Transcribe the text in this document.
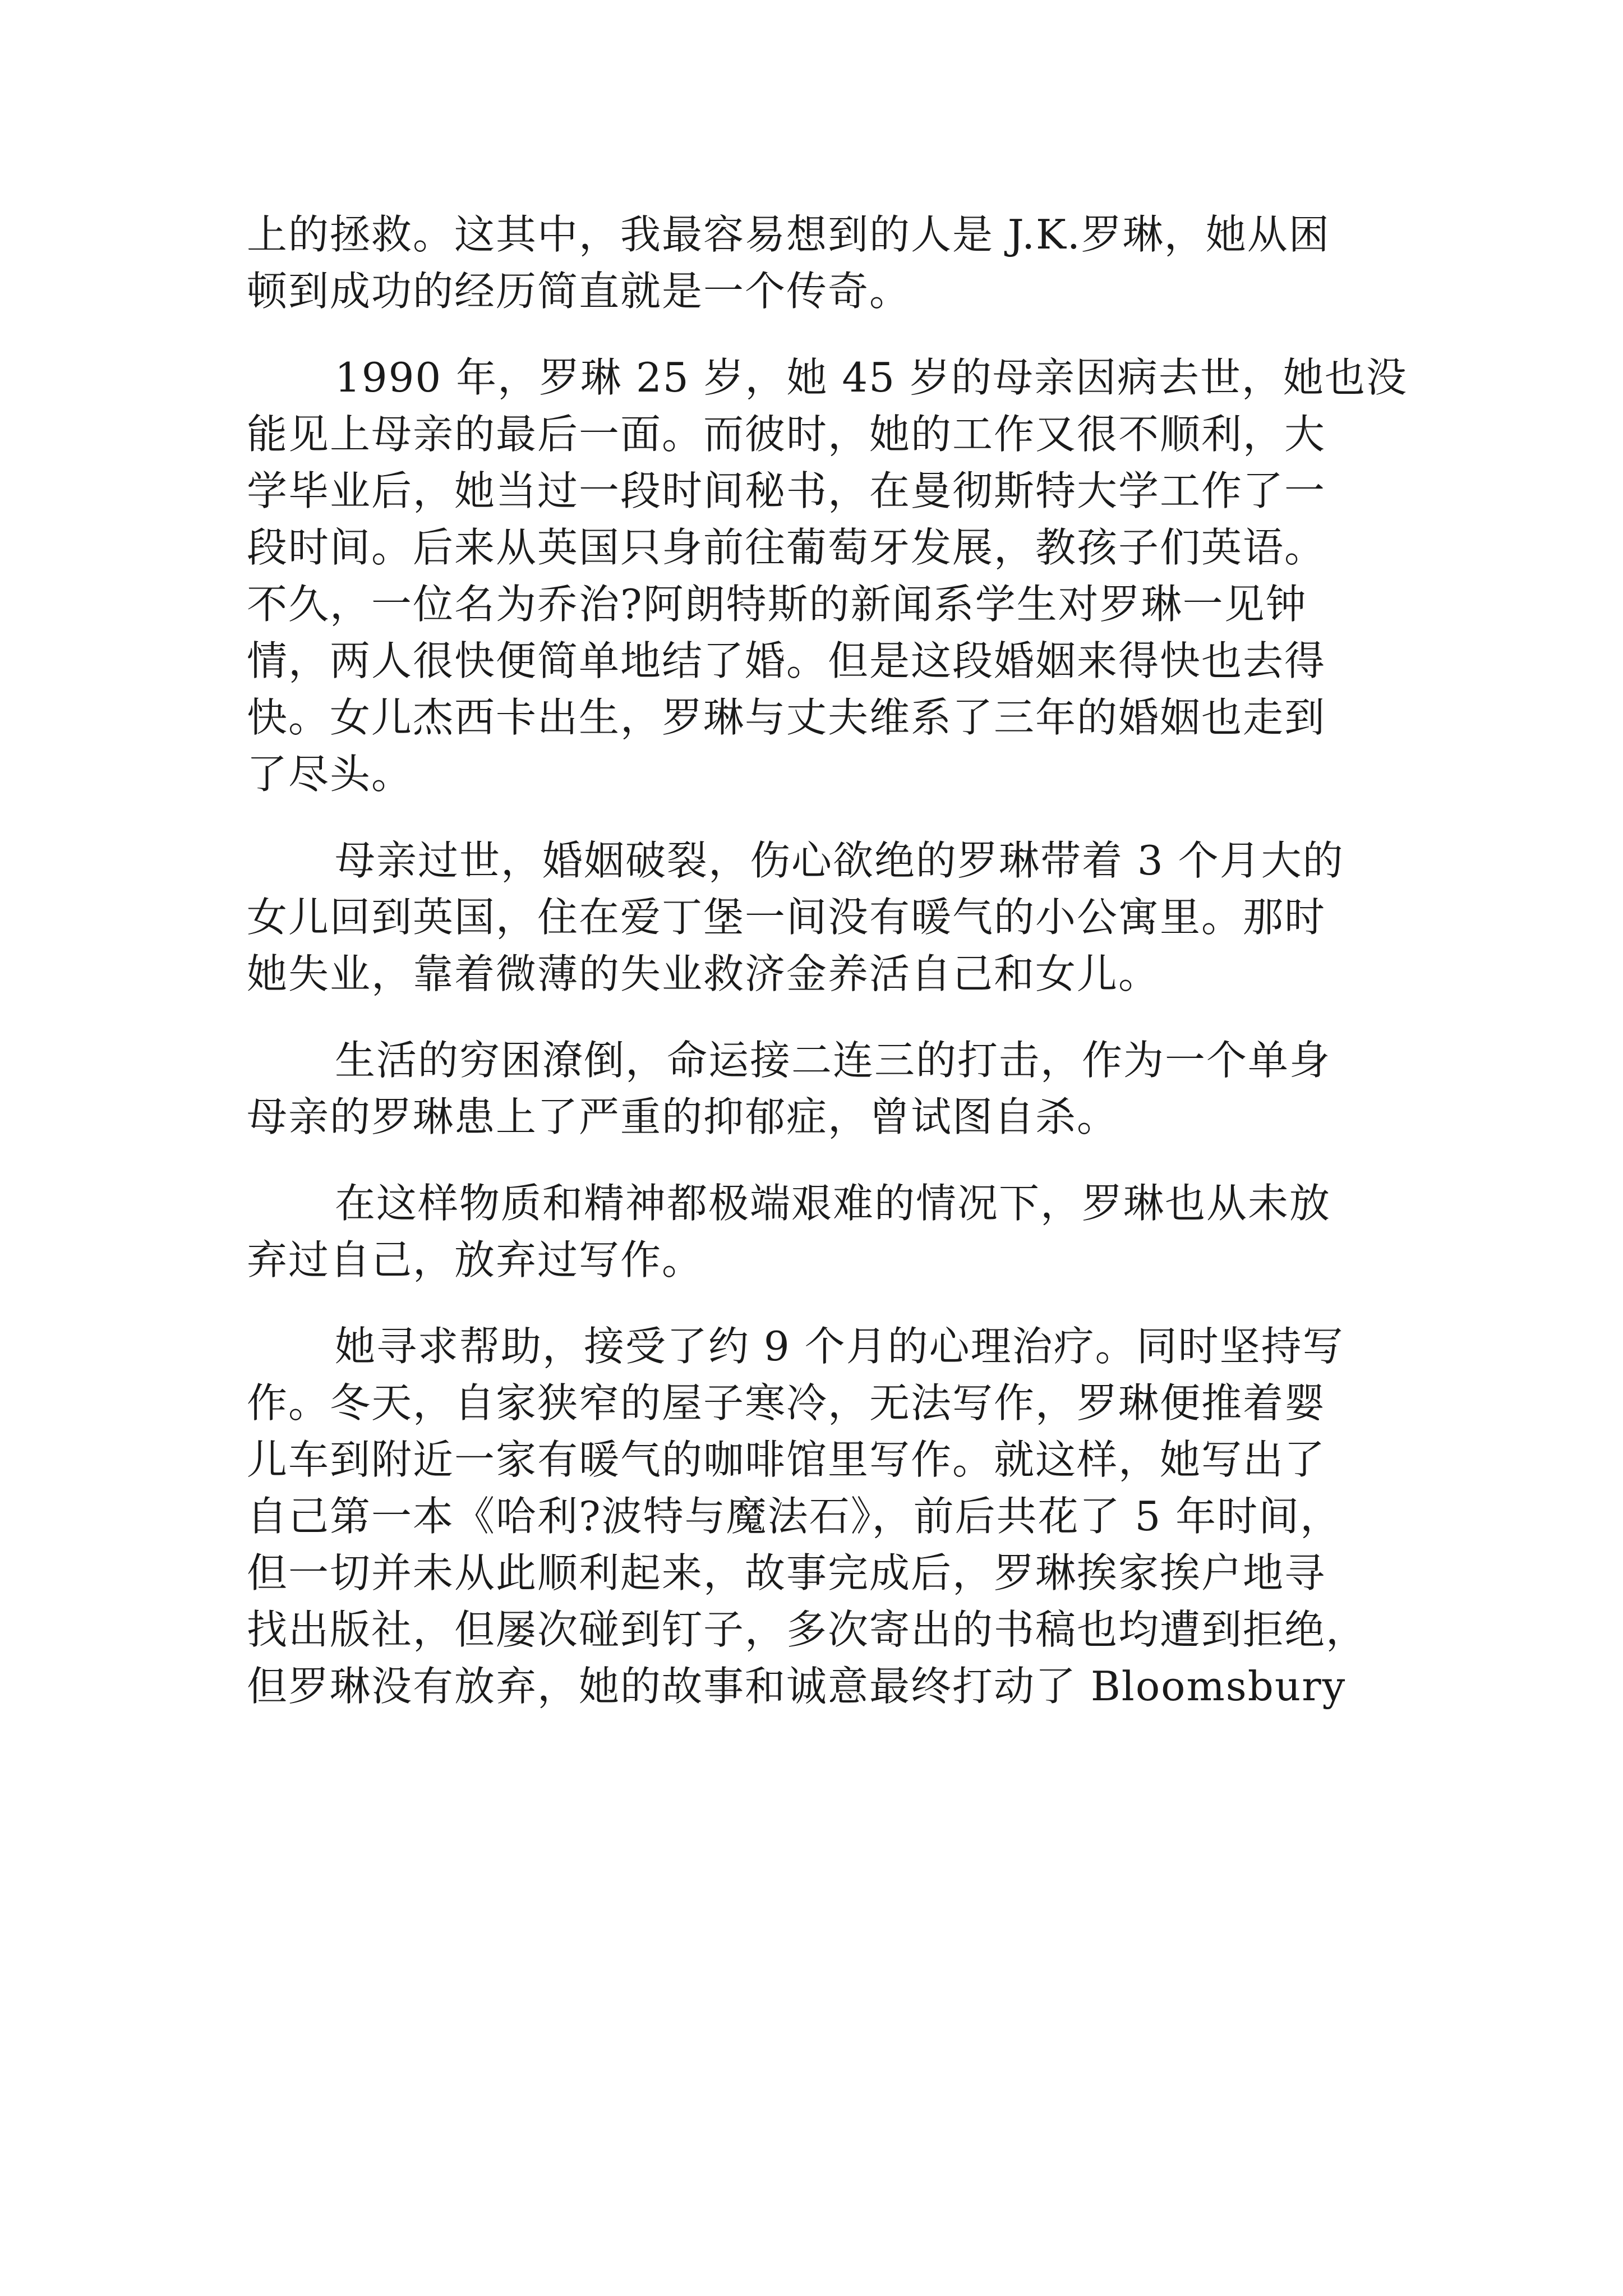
上的拯救。这其中，我最容易想到的人是 J.K.罗琳，她从困
顿到成功的经历简直就是一个传奇。
1990 年，罗琳 25 岁，她 45 岁的母亲因病去世，她也没
能见上母亲的最后一面。而彼时，她的工作又很不顺利，大
学毕业后，她当过一段时间秘书，在曼彻斯特大学工作了一
段时间。后来从英国只身前往葡萄牙发展，教孩子们英语。
不久，一位名为乔治?阿朗特斯的新闻系学生对罗琳一见钟
情，两人很快便简单地结了婚。但是这段婚姻来得快也去得
快。女儿杰西卡出生，罗琳与丈夫维系了三年的婚姻也走到
了尽头。
母亲过世，婚姻破裂，伤心欲绝的罗琳带着 3 个月大的
女儿回到英国，住在爱丁堡一间没有暖气的小公寓里。那时
她失业，靠着微薄的失业救济金养活自己和女儿。
生活的穷困潦倒，命运接二连三的打击，作为一个单身
母亲的罗琳患上了严重的抑郁症，曾试图自杀。
在这样物质和精神都极端艰难的情况下，罗琳也从未放
弃过自己，放弃过写作。
她寻求帮助，接受了约 9 个月的心理治疗。同时坚持写
作。冬天，自家狭窄的屋子寒冷，无法写作，罗琳便推着婴
儿车到附近一家有暖气的咖啡馆里写作。就这样，她写出了
自己第一本《哈利?波特与魔法石》，前后共花了 5 年时间，
但一切并未从此顺利起来，故事完成后，罗琳挨家挨户地寻
找出版社，但屡次碰到钉子，多次寄出的书稿也均遭到拒绝，
但罗琳没有放弃，她的故事和诚意最终打动了 Bloomsbury
